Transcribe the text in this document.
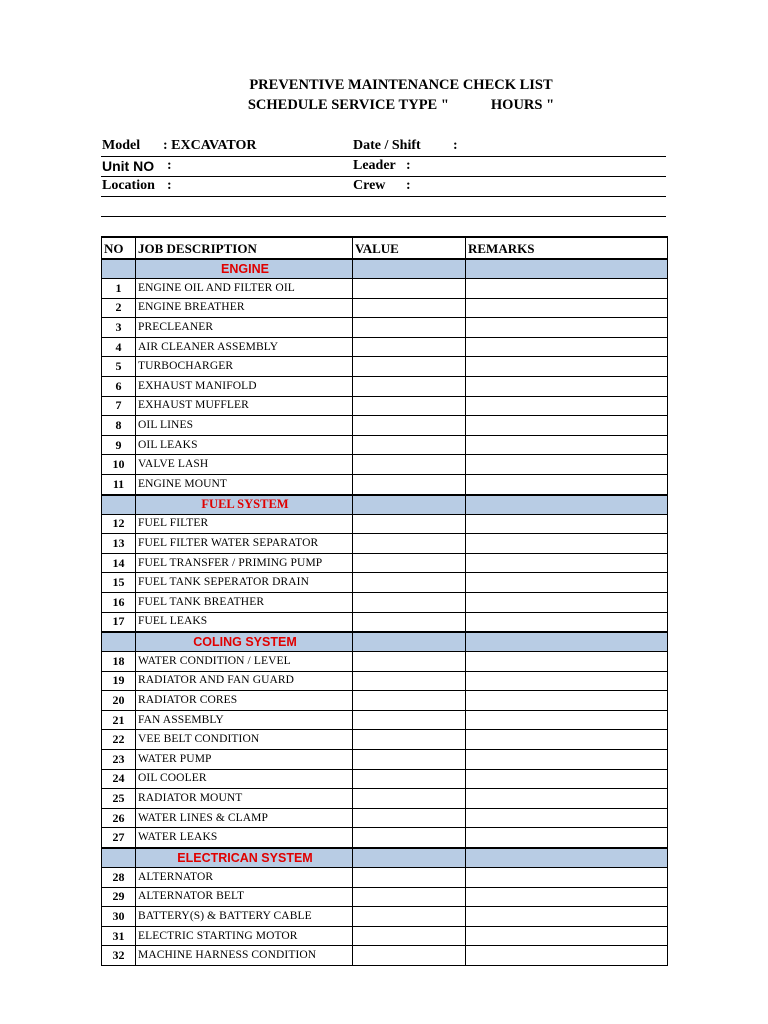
PREVENTIVE MAINTENANCE CHECK LIST
SCHEDULE SERVICE TYPE "	HOURS "
Model : EXCAVATOR
Unit NO :
Location :
Date / Shift :
Leader :
Crew :
NO	JOB DESCRIPTION	VALUE	REMARKS
	ENGINE		
1	ENGINE OIL AND FILTER OIL		
2	ENGINE BREATHER		
3	PRECLEANER		
4	AIR CLEANER ASSEMBLY		
5	TURBOCHARGER		
6	EXHAUST MANIFOLD		
7	EXHAUST MUFFLER		
8	OIL LINES		
9	OIL LEAKS		
10	VALVE LASH		
11	ENGINE MOUNT		
	FUEL SYSTEM		
12	FUEL FILTER		
13	FUEL FILTER WATER SEPARATOR		
14	FUEL TRANSFER / PRIMING PUMP		
15	FUEL TANK SEPERATOR DRAIN		
16	FUEL TANK BREATHER		
17	FUEL LEAKS		
	COLING SYSTEM		
18	WATER CONDITION / LEVEL		
19	RADIATOR AND FAN GUARD		
20	RADIATOR CORES		
21	FAN ASSEMBLY		
22	VEE BELT CONDITION		
23	WATER PUMP		
24	OIL COOLER		
25	RADIATOR MOUNT		
26	WATER LINES & CLAMP		
27	WATER LEAKS		
	ELECTRICAN SYSTEM		
28	ALTERNATOR		
29	ALTERNATOR BELT		
30	BATTERY(S) & BATTERY CABLE		
31	ELECTRIC STARTING MOTOR		
32	MACHINE HARNESS CONDITION		
